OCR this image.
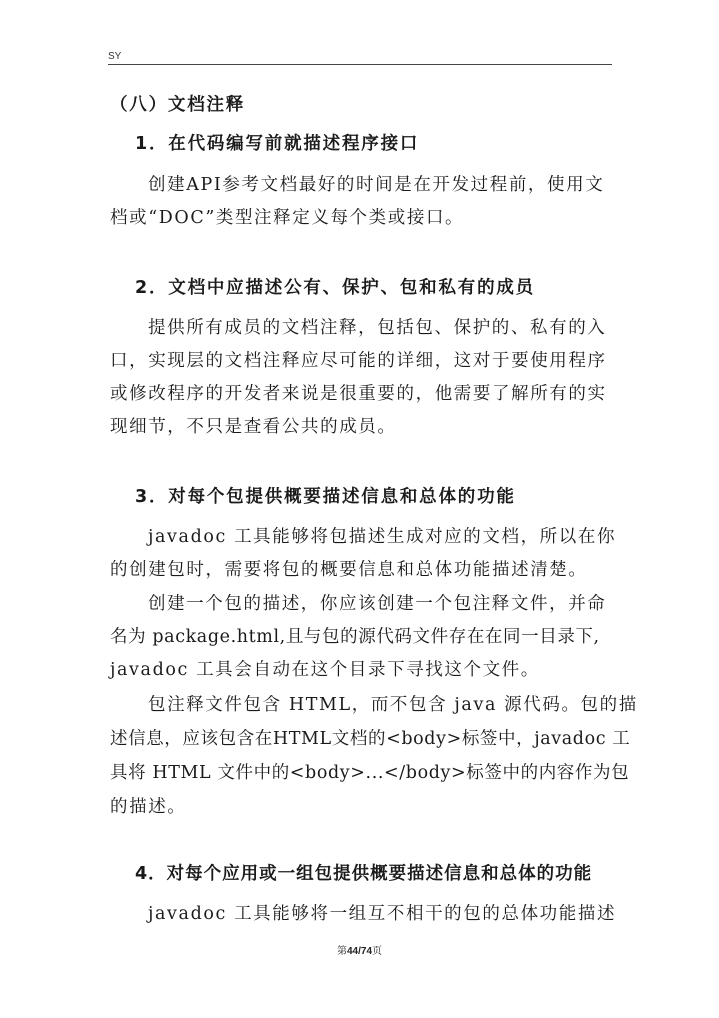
SY
（八）文档注释
1．在代码编写前就描述程序接口
创建API参考文档最好的时间是在开发过程前，使用文
档或“DOC”类型注释定义每个类或接口。
2．文档中应描述公有、保护、包和私有的成员
提供所有成员的文档注释，包括包、保护的、私有的入
口，实现层的文档注释应尽可能的详细，这对于要使用程序
或修改程序的开发者来说是很重要的，他需要了解所有的实
现细节，不只是查看公共的成员。
3．对每个包提供概要描述信息和总体的功能
javadoc 工具能够将包描述生成对应的文档，所以在你
的创建包时，需要将包的概要信息和总体功能描述清楚。
创建一个包的描述，你应该创建一个包注释文件，并命
名为 package.html,且与包的源代码文件存在在同一目录下,
javadoc 工具会自动在这个目录下寻找这个文件。
包注释文件包含 HTML，而不包含 java 源代码。包的描
述信息，应该包含在HTML文档的<body>标签中，javadoc 工
具将 HTML 文件中的<body>...</body>标签中的内容作为包
的描述。
4．对每个应用或一组包提供概要描述信息和总体的功能
javadoc 工具能够将一组互不相干的包的总体功能描述
第44/74页
